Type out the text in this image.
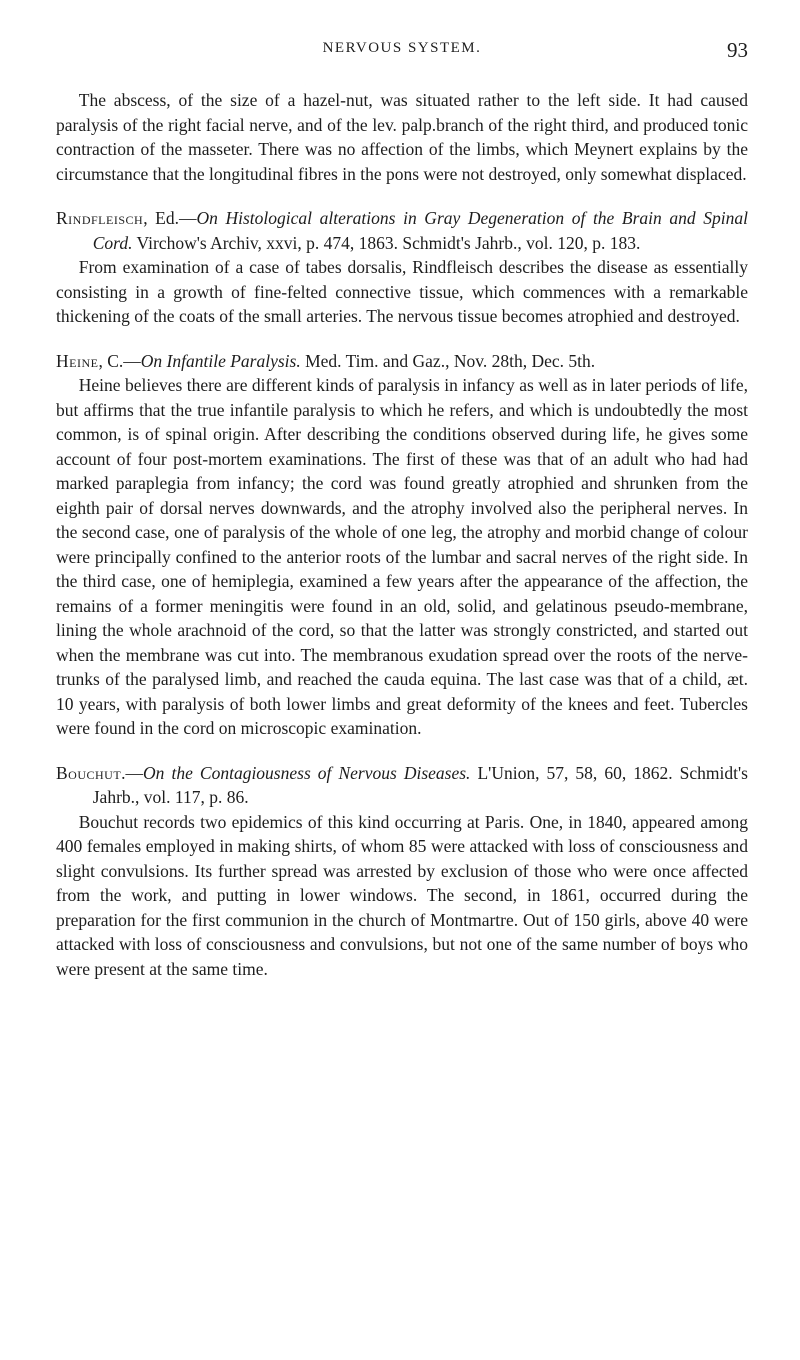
NERVOUS SYSTEM.	93

The abscess, of the size of a hazel-nut, was situated rather to the left side. It had caused paralysis of the right facial nerve, and of the lev. palp.branch of the right third, and produced tonic contraction of the masseter. There was no affection of the limbs, which Meynert explains by the circumstance that the longitudinal fibres in the pons were not destroyed, only somewhat displaced.

Rindfleisch, Ed.—On Histological alterations in Gray Degeneration of the Brain and Spinal Cord. Virchow's Archiv, xxvi, p. 474, 1863. Schmidt's Jahrb., vol. 120, p. 183.

From examination of a case of tabes dorsalis, Rindfleisch describes the disease as essentially consisting in a growth of fine-felted connective tissue, which commences with a remarkable thickening of the coats of the small arteries. The nervous tissue becomes atrophied and destroyed.

Heine, C.—On Infantile Paralysis. Med. Tim. and Gaz., Nov. 28th, Dec. 5th.

Heine believes there are different kinds of paralysis in infancy as well as in later periods of life, but affirms that the true infantile paralysis to which he refers, and which is undoubtedly the most common, is of spinal origin. After describing the conditions observed during life, he gives some account of four post-mortem examinations. The first of these was that of an adult who had had marked paraplegia from infancy; the cord was found greatly atrophied and shrunken from the eighth pair of dorsal nerves downwards, and the atrophy involved also the peripheral nerves. In the second case, one of paralysis of the whole of one leg, the atrophy and morbid change of colour were principally confined to the anterior roots of the lumbar and sacral nerves of the right side. In the third case, one of hemiplegia, examined a few years after the appearance of the affection, the remains of a former meningitis were found in an old, solid, and gelatinous pseudo-membrane, lining the whole arachnoid of the cord, so that the latter was strongly constricted, and started out when the membrane was cut into. The membranous exudation spread over the roots of the nerve-trunks of the paralysed limb, and reached the cauda equina. The last case was that of a child, æt. 10 years, with paralysis of both lower limbs and great deformity of the knees and feet. Tubercles were found in the cord on microscopic examination.

Bouchut.—On the Contagiousness of Nervous Diseases. L'Union, 57, 58, 60, 1862. Schmidt's Jahrb., vol. 117, p. 86.

Bouchut records two epidemics of this kind occurring at Paris. One, in 1840, appeared among 400 females employed in making shirts, of whom 85 were attacked with loss of consciousness and slight convulsions. Its further spread was arrested by exclusion of those who were once affected from the work, and putting in lower windows. The second, in 1861, occurred during the preparation for the first communion in the church of Montmartre. Out of 150 girls, above 40 were attacked with loss of consciousness and convulsions, but not one of the same number of boys who were present at the same time.
